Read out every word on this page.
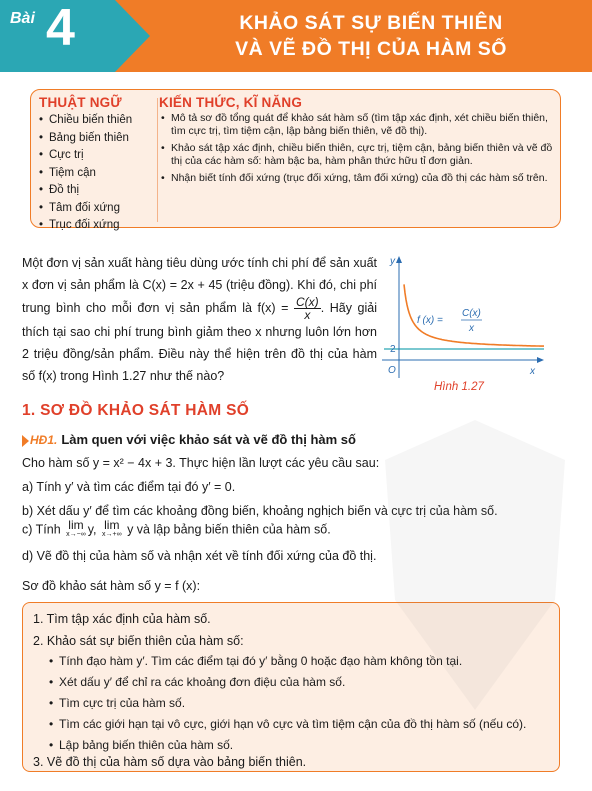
Bài 4	KHẢO SÁT SỰ BIẾN THIÊN
VÀ VẼ ĐỒ THỊ CỦA HÀM SỐ
THUẬT NGỮ
• Chiều biến thiên
• Bảng biến thiên
• Cực trị
• Tiệm cận
• Đồ thị
• Tâm đối xứng
• Trục đối xứng
KIẾN THỨC, KĨ NĂNG
• Mô tả sơ đồ tổng quát để khảo sát hàm số (tìm tập xác định, xét chiều biến thiên, tìm cực trị, tìm tiệm cận, lập bảng biến thiên, vẽ đồ thị).
• Khảo sát tập xác định, chiều biến thiên, cực trị, tiệm cận, bảng biến thiên và vẽ đồ thị của các hàm số: hàm bậc ba, hàm phân thức hữu tỉ đơn giản.
• Nhận biết tính đối xứng (trục đối xứng, tâm đối xứng) của đồ thị các hàm số trên.
Một đơn vị sản xuất hàng tiêu dùng ước tính chi phí để sản xuất x đơn vị sản phẩm là C(x) = 2x + 45 (triệu đồng). Khi đó, chi phí trung bình cho mỗi đơn vị sản phẩm là $f(x) = \frac{C(x)}{x}$ . Hãy giải thích tại sao chi phí trung bình giảm theo x nhưng luôn lớn hơn 2 triệu đồng/sản phẩm. Điều này thể hiện trên đồ thị của hàm số f(x) trong Hình 1.27 như thế nào?
y
x
O
2
f (x) =
C(x)
x
Hình 1.27
1. SƠ ĐỒ KHẢO SÁT HÀM SỐ
HĐ1. Làm quen với việc khảo sát và vẽ đồ thị hàm số
Cho hàm số y = x² − 4x + 3. Thực hiện lần lượt các yêu cầu sau:
a) Tính y′ và tìm các điểm tại đó y′ = 0.
b) Xét dấu y′ để tìm các khoảng đồng biến, khoảng nghịch biến và cực trị của hàm số.
c) Tính lim
x→−∞ y, lim
x→+∞ y và lập bảng biến thiên của hàm số.
d) Vẽ đồ thị của hàm số và nhận xét về tính đối xứng của đồ thị.
Sơ đồ khảo sát hàm số y = f (x):
1. Tìm tập xác định của hàm số.
2. Khảo sát sự biến thiên của hàm số:
• Tính đạo hàm y′. Tìm các điểm tại đó y′ bằng 0 hoặc đạo hàm không tồn tại.
• Xét dấu y′ để chỉ ra các khoảng đơn điệu của hàm số.
• Tìm cực trị của hàm số.
• Tìm các giới hạn tại vô cực, giới hạn vô cực và tìm tiệm cận của đồ thị hàm số (nếu có).
• Lập bảng biến thiên của hàm số.
3. Vẽ đồ thị của hàm số dựa vào bảng biến thiên.
